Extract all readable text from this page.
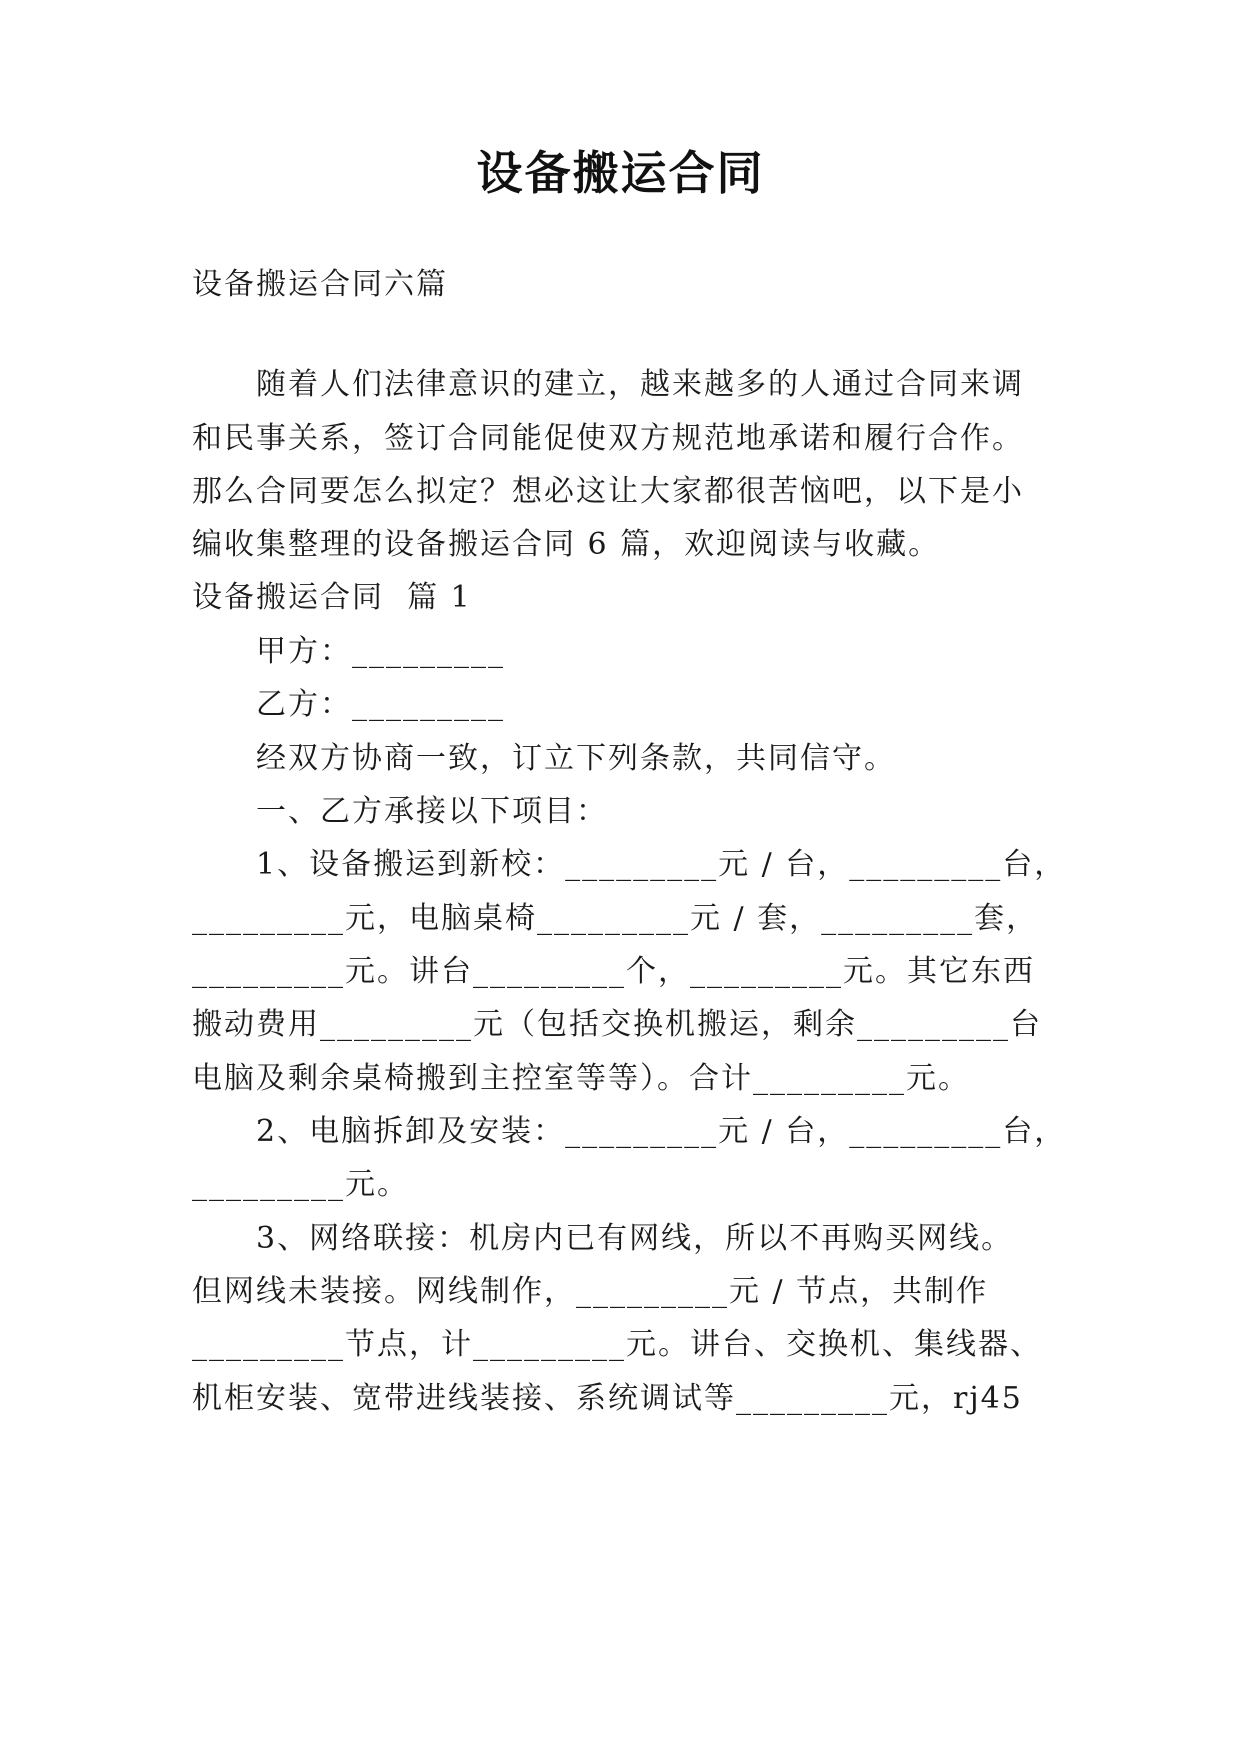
设备搬运合同
设备搬运合同六篇
随着人们法律意识的建立，越来越多的人通过合同来调
和民事关系，签订合同能促使双方规范地承诺和履行合作。
那么合同要怎么拟定？想必这让大家都很苦恼吧，以下是小
编收集整理的设备搬运合同 6 篇，欢迎阅读与收藏。
设备搬运合同  篇 1
甲方：_________
乙方：_________
经双方协商一致，订立下列条款，共同信守。
一、乙方承接以下项目：
1、设备搬运到新校：_________元 / 台，_________台，
_________元，电脑桌椅_________元 / 套，_________套，
_________元。讲台_________个，_________元。其它东西
搬动费用_________元（包括交换机搬运，剩余_________台
电脑及剩余桌椅搬到主控室等等）。合计_________元。
2、电脑拆卸及安装：_________元 / 台，_________台，
_________元。
3、网络联接：机房内已有网线，所以不再购买网线。
但网线未装接。网线制作，_________元 / 节点，共制作
_________节点，计_________元。讲台、交换机、集线器、
机柜安装、宽带进线装接、系统调试等_________元，rj45
